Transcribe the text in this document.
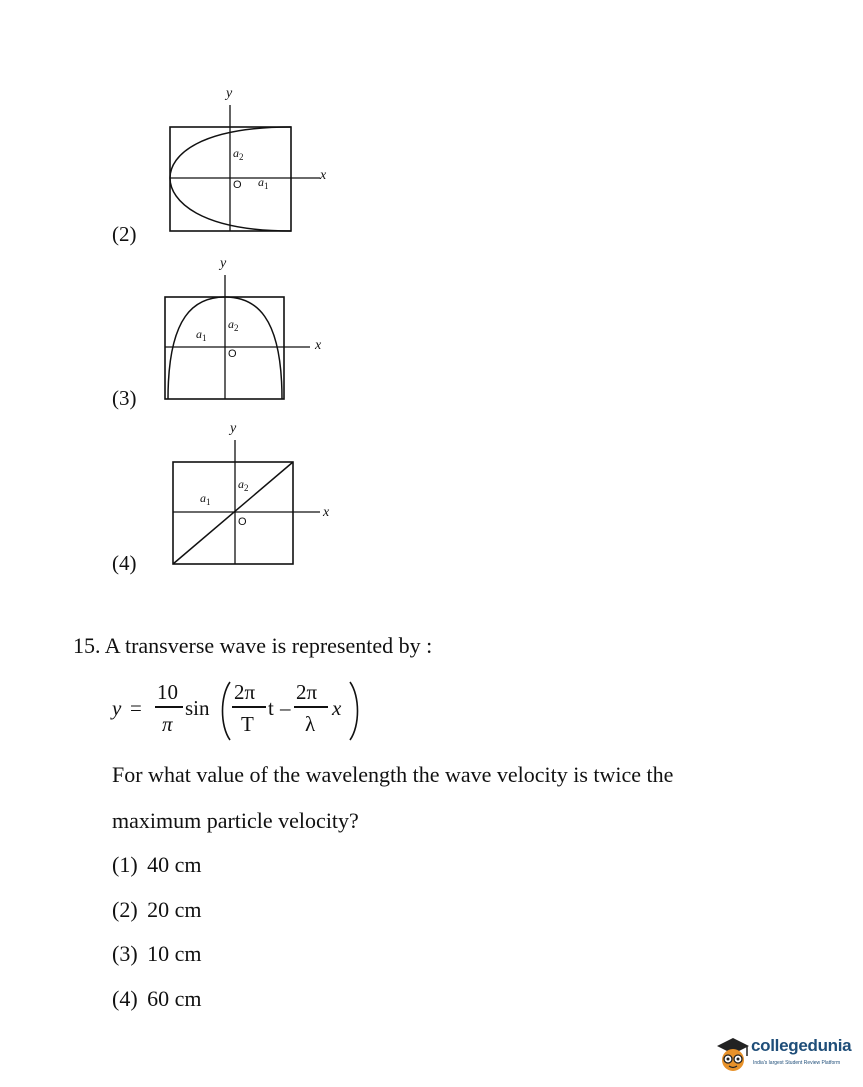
(2)
y
x
$a_2$
O $a_1$
(3)
y
x
$a_2$
$a_1$
O
(4)
y
x
$a_2$
$a_1$
O
15. A transverse wave is represented by :
y =
10
π
sin
2π
T
t –
2π
λ
x
For what value of the wavelength the wave velocity is twice the
maximum particle velocity?
(1) 40 cm
(2) 20 cm
(3) 10 cm
(4) 60 cm
collegedunia
India's largest Student Review Platform
